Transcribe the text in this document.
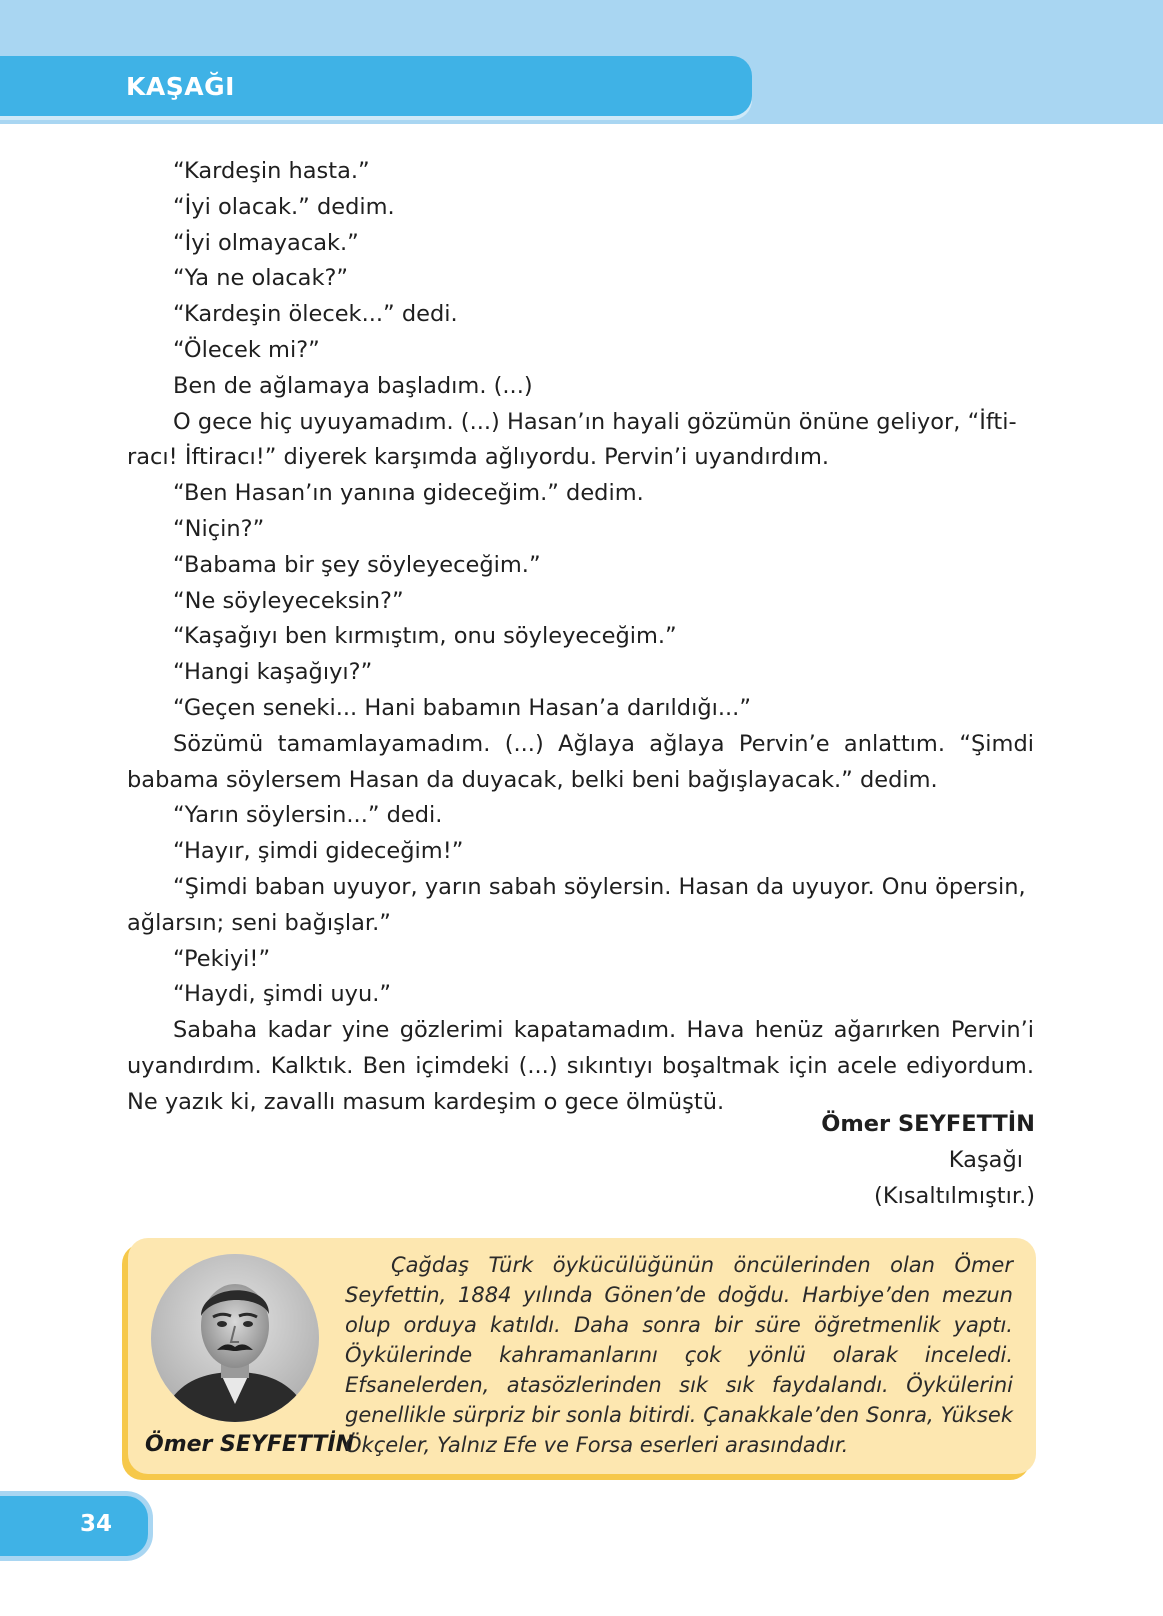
KAŞAĞI

“Kardeşin hasta.”

“İyi olacak.” dedim.

“İyi olmayacak.”

“Ya ne olacak?”

“Kardeşin ölecek...” dedi.

“Ölecek mi?”

Ben de ağlamaya başladım. (...)

O gece hiç uyuyamadım. (...) Hasan’ın hayali gözümün önüne geliyor, “İfti-

racı! İftiracı!” diyerek karşımda ağlıyordu. Pervin’i uyandırdım.

“Ben Hasan’ın yanına gideceğim.” dedim.

“Niçin?”

“Babama bir şey söyleyeceğim.”

“Ne söyleyeceksin?”

“Kaşağıyı ben kırmıştım, onu söyleyeceğim.”

“Hangi kaşağıyı?”

“Geçen seneki... Hani babamın Hasan’a darıldığı...”

Sözümü tamamlayamadım. (...) Ağlaya ağlaya Pervin’e anlattım. “Şimdi

babama söylersem Hasan da duyacak, belki beni bağışlayacak.” dedim.

“Yarın söylersin...” dedi.

“Hayır, şimdi gideceğim!”

“Şimdi baban uyuyor, yarın sabah söylersin. Hasan da uyuyor. Onu öpersin,

ağlarsın; seni bağışlar.”

“Pekiyi!”

“Haydi, şimdi uyu.”

Sabaha kadar yine gözlerimi kapatamadım. Hava henüz ağarırken Pervin’i

uyandırdım. Kalktık. Ben içimdeki (...) sıkıntıyı boşaltmak için acele ediyordum.

Ne yazık ki, zavallı masum kardeşim o gece ölmüştü.

Ömer SEYFETTİN
Kaşağı
(Kısaltılmıştır.)
Ömer SEYFETTİN
Çağdaş Türk öykücülüğünün öncülerinden olan Ömer Seyfettin, 1884 yılında Gönen’de doğdu. Harbiye’den mezun olup orduya katıldı. Daha sonra bir süre öğretmenlik yaptı. Öykülerinde kahramanlarını çok yönlü olarak inceledi. Efsanelerden, atasözlerinden sık sık faydalandı. Öykülerini genellikle sürpriz bir sonla bitirdi. Çanakkale’den Sonra, Yüksek Ökçeler, Yalnız Efe ve Forsa eserleri arasındadır.
34
